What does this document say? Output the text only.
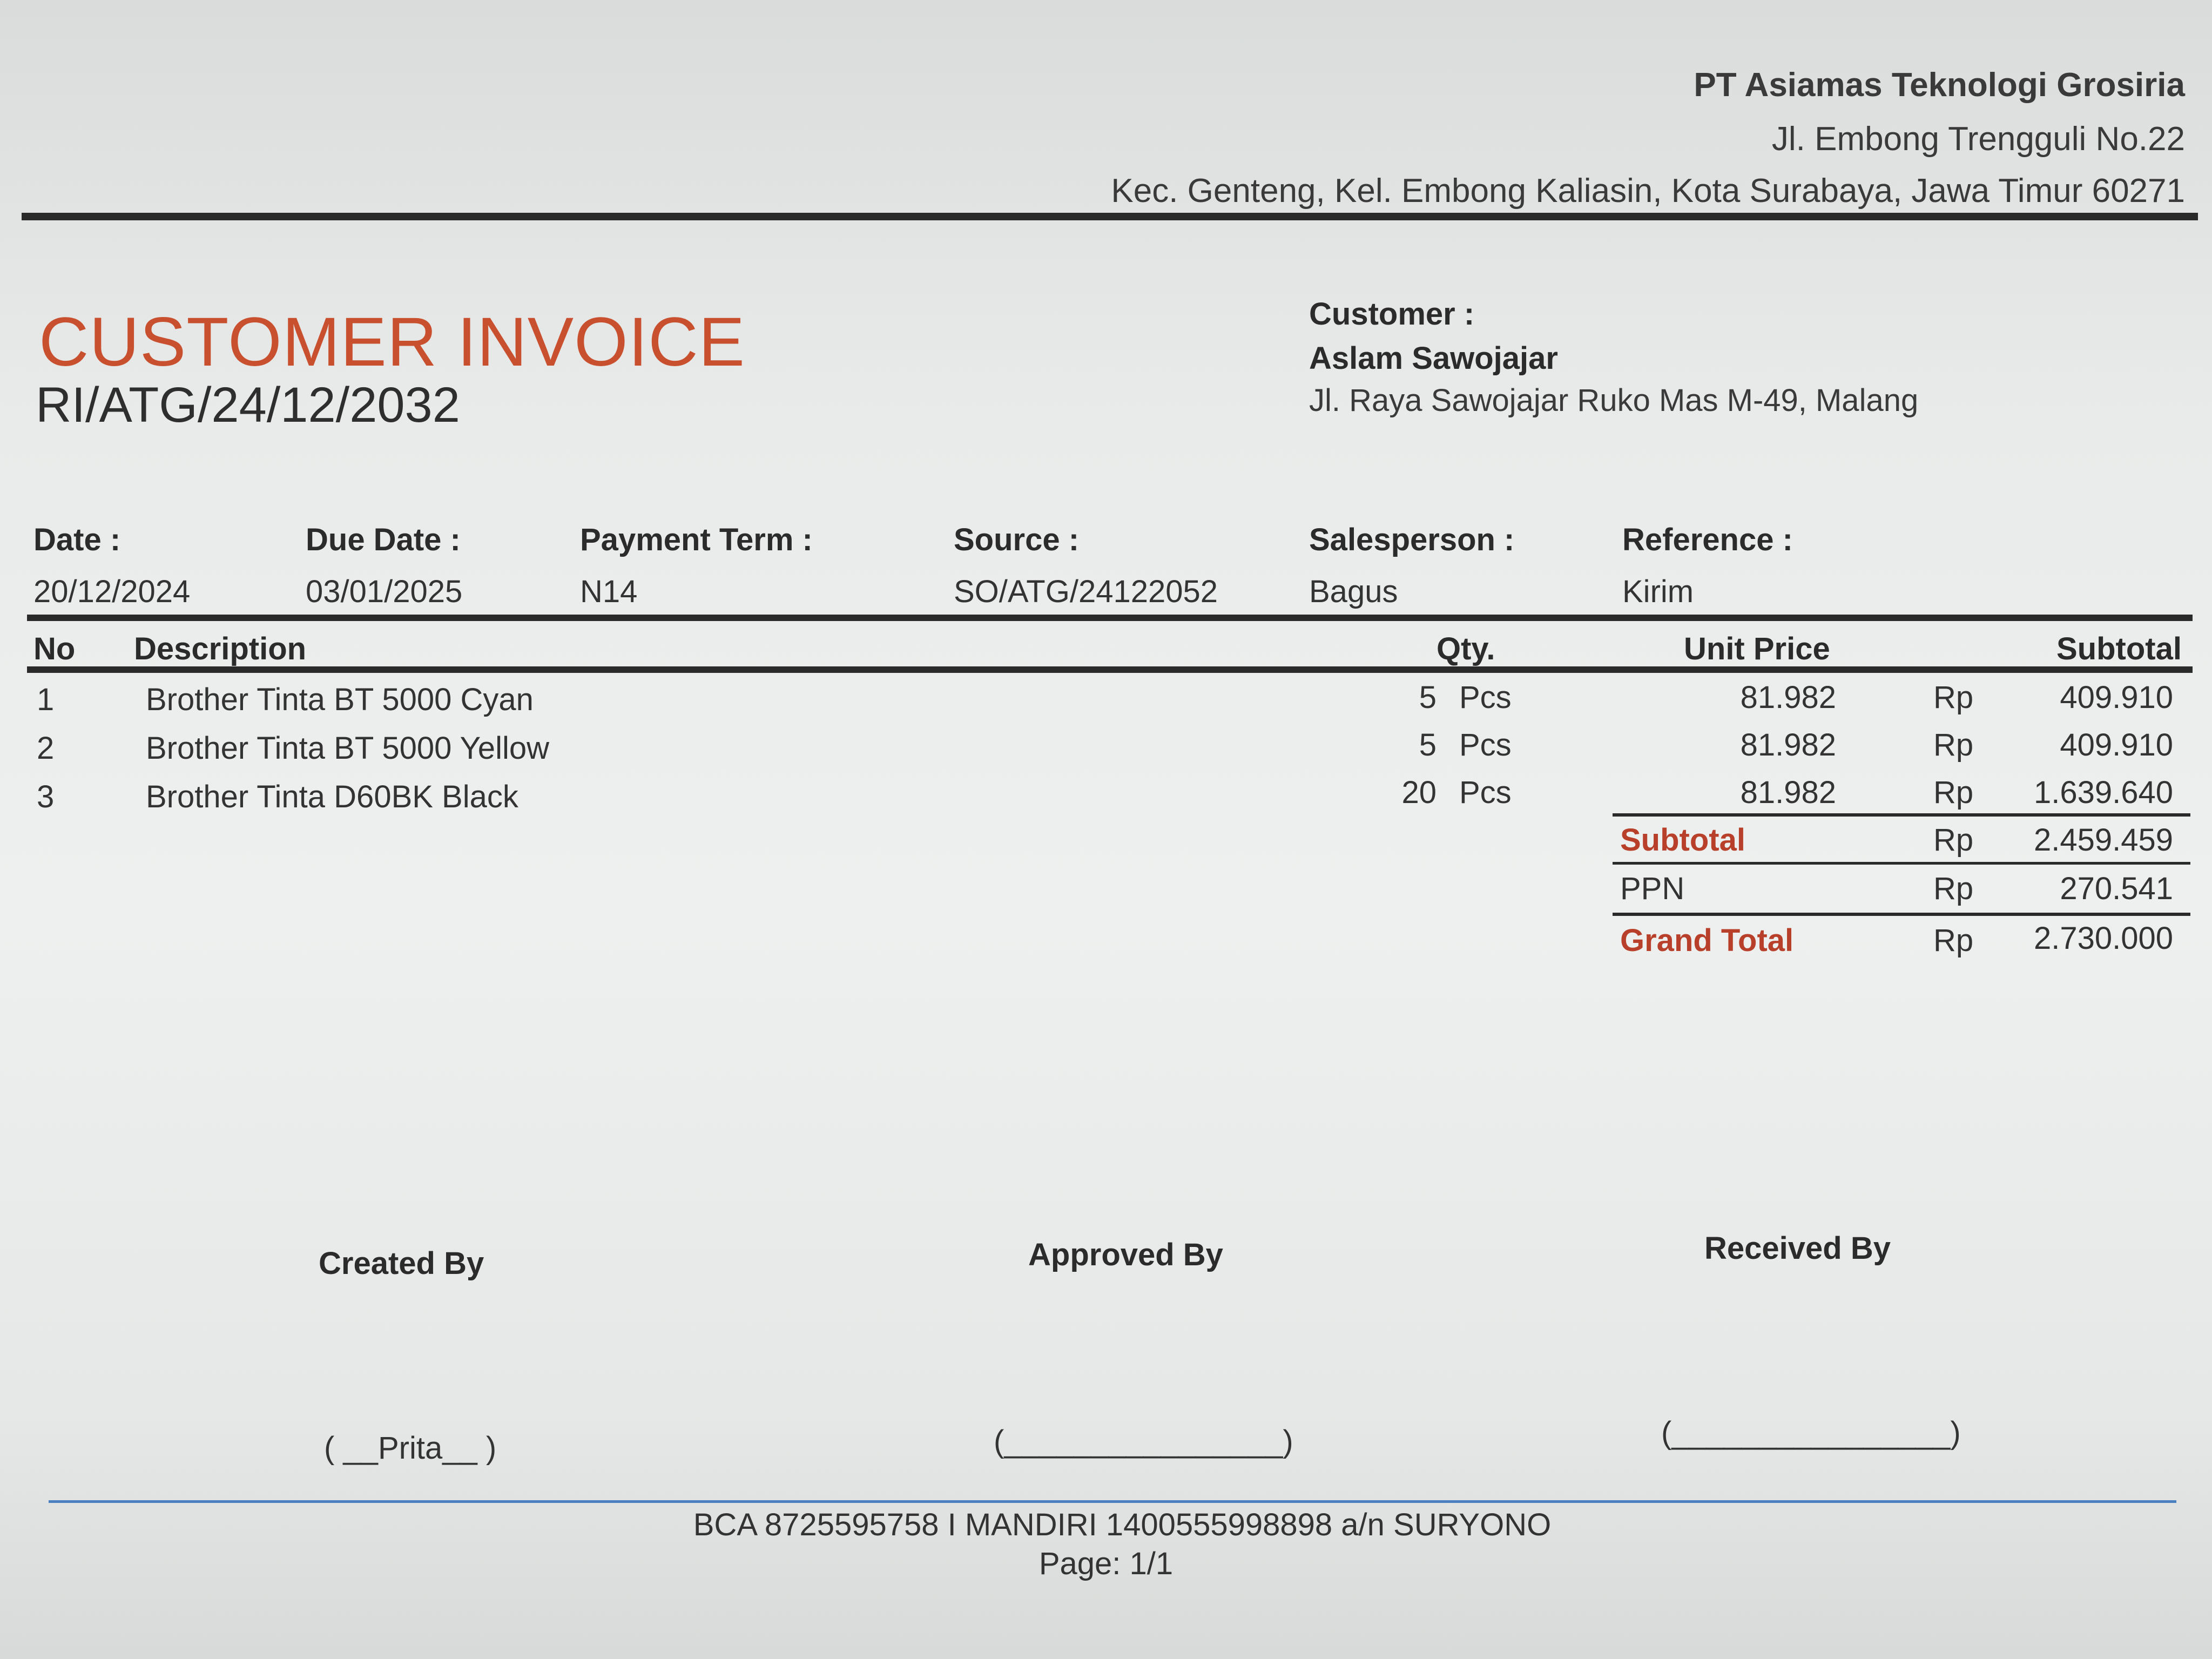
PT Asiamas Teknologi Grosiria
Jl. Embong Trengguli No.22
Kec. Genteng, Kel. Embong Kaliasin, Kota Surabaya, Jawa Timur 60271
CUSTOMER INVOICE
RI/ATG/24/12/2032
Customer :
Aslam Sawojajar
Jl. Raya Sawojajar Ruko Mas M-49, Malang
Date :	Due Date :	Payment Term :	Source :	Salesperson :	Reference :
20/12/2024	03/01/2025	N14	SO/ATG/24122052	Bagus	Kirim
No Description	Qty.	Unit Price	Subtotal
1	Brother Tinta BT 5000 Cyan	5 Pcs	81.982	Rp	409.910
2	Brother Tinta BT 5000 Yellow	5 Pcs	81.982	Rp	409.910
3	Brother Tinta D60BK Black	20 Pcs	81.982	Rp 1.639.640
Subtotal	Rp 2.459.459
PPN	Rp	270.541
Grand Total	Rp 2.730.000
Created By	Approved By	Received By
( __Prita__ )	(________________)	(________________)
BCA 8725595758 I MANDIRI 1400555998898 a/n SURYONO
Page: 1/1
